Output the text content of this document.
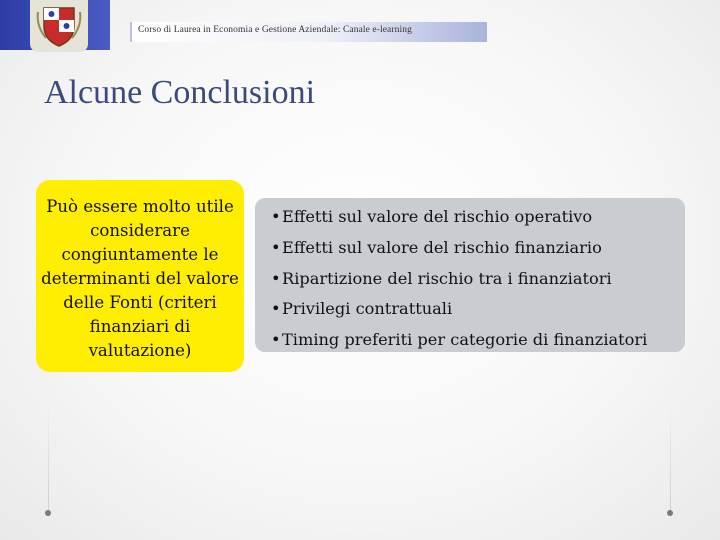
Corso di Laurea in Economia e Gestione Aziendale: Canale e-learning
Alcune Conclusioni
Può essere molto utile considerare congiuntamente le determinanti del valore delle Fonti (criteri finanziari di valutazione)
•Effetti sul valore del rischio operativo
•Effetti sul valore del rischio finanziario
•Ripartizione del rischio tra i finanziatori
•Privilegi contrattuali
•Timing preferiti per categorie di finanziatori
